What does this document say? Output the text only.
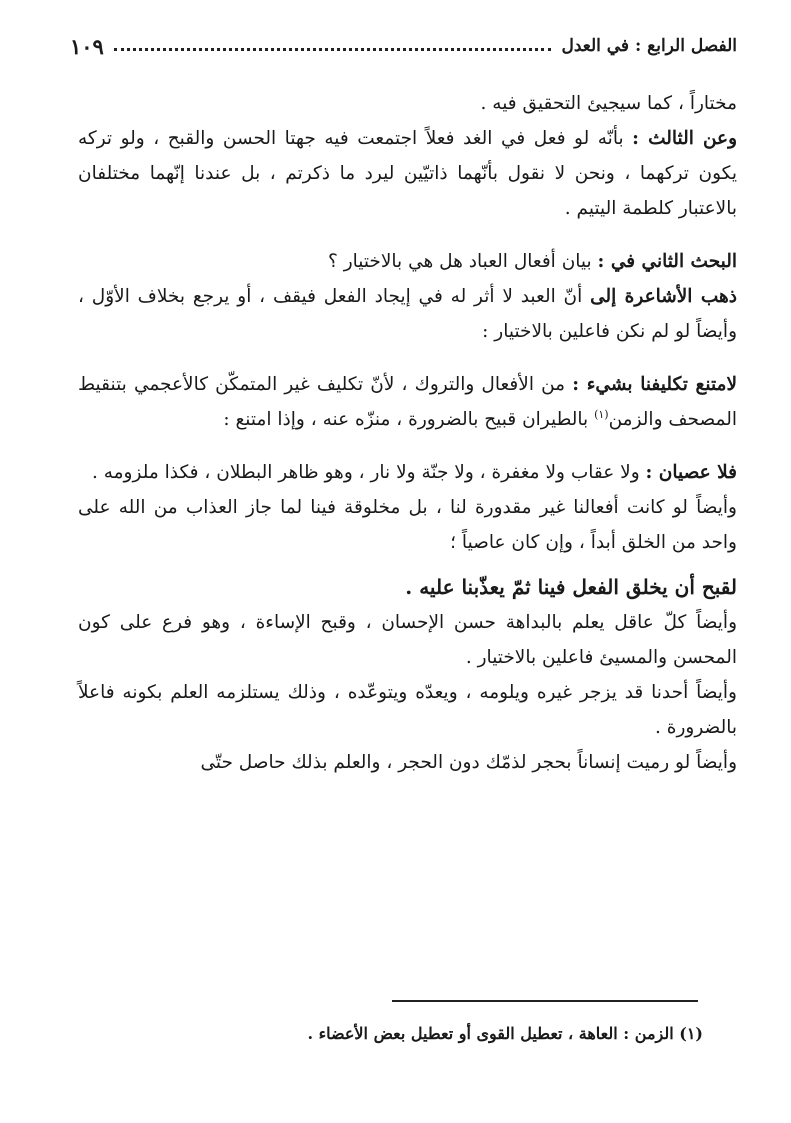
الفصل الرابع : في العدل
١٠٩

مختاراً ، كما سيجيئ التحقيق فيه .

وعن الثالث : بأنّه لو فعل في الغد فعلاً اجتمعت فيه جهتا الحسن والقبح ، ولو تركه يكون تركهما ، ونحن لا نقول بأنّهما ذاتيّين ليرد ما ذكرتم ، بل عندنا إنّهما مختلفان بالاعتبار كلطمة اليتيم .

البحث الثاني في : بيان أفعال العباد هل هي بالاختيار ؟

ذهب الأشاعرة إلى أنّ العبد لا أثر له في إيجاد الفعل فيقف ، أو يرجع بخلاف الأوّل ، وأيضاً لو لم نكن فاعلين بالاختيار :

لامتنع تكليفنا بشيء : من الأفعال والتروك ، لأنّ تكليف غير المتمكّن كالأعجمي بتنقيط المصحف والزمن$^{(١)}$ بالطيران قبيح بالضرورة ، منزّه عنه ، وإذا امتنع :

فلا عصيان : ولا عقاب ولا مغفرة ، ولا جنّة ولا نار ، وهو ظاهر البطلان ، فكذا ملزومه .

وأيضاً لو كانت أفعالنا غير مقدورة لنا ، بل مخلوقة فينا لما جاز العذاب من الله على واحد من الخلق أبداً ، وإن كان عاصياً ؛

لقبح أن يخلق الفعل فينا ثمّ يعذّبنا عليه .

وأيضاً كلّ عاقل يعلم بالبداهة حسن الإحسان ، وقبح الإساءة ، وهو فرع على كون المحسن والمسيئ فاعلين بالاختيار .

وأيضاً أحدنا قد يزجر غيره ويلومه ، ويعدّه ويتوعّده ، وذلك يستلزمه العلم بكونه فاعلاً بالضرورة .

وأيضاً لو رميت إنساناً بحجر لذمّك دون الحجر ، والعلم بذلك حاصل حتّى

(١) الزمن : العاهة ، تعطيل القوى أو تعطيل بعض الأعضاء .
